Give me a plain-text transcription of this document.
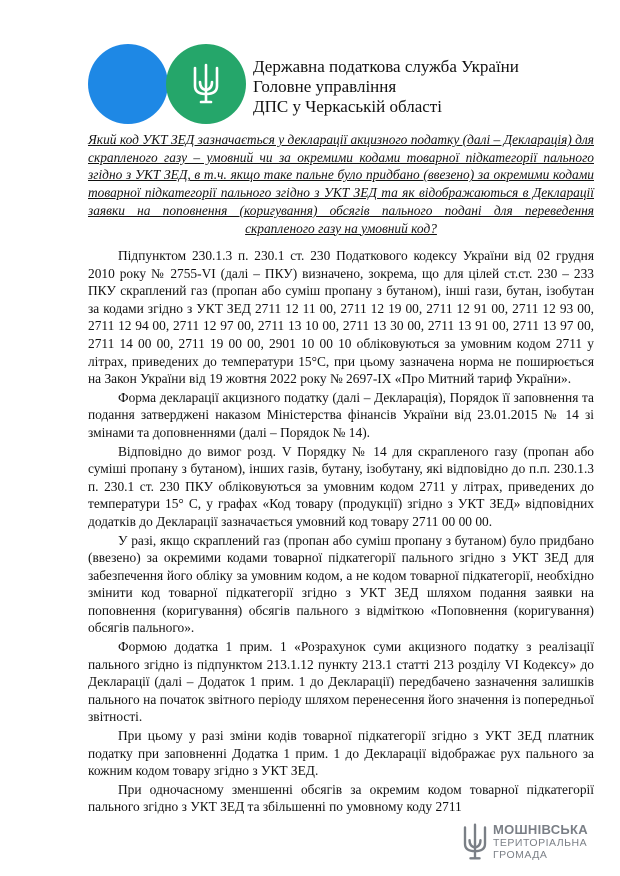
Державна податкова служба України
Головне управління
ДПС у Черкаській області
Який код УКТ ЗЕД зазначається у декларації акцизного податку (далі – Декларація) для скрапленого газу – умовний чи за окремими кодами товарної підкатегорії пального згідно з УКТ ЗЕД, в т.ч. якщо таке пальне було придбано (ввезено) за окремими кодами товарної підкатегорії пального згідно з УКТ ЗЕД та як відображаються в Декларації заявки на поповнення (коригування) обсягів пального подані для переведення скрапленого газу на умовний код?

Підпунктом 230.1.3 п. 230.1 ст. 230 Податкового кодексу України від 02 грудня 2010 року № 2755-VI (далі – ПКУ) визначено, зокрема, що для цілей ст.ст. 230 – 233 ПКУ скраплений газ (пропан або суміш пропану з бутаном), інші гази, бутан, ізобутан за кодами згідно з УКТ ЗЕД 2711 12 11 00, 2711 12 19 00, 2711 12 91 00, 2711 12 93 00, 2711 12 94 00, 2711 12 97 00, 2711 13 10 00, 2711 13 30 00, 2711 13 91 00, 2711 13 97 00, 2711 14 00 00, 2711 19 00 00, 2901 10 00 10 обліковуються за умовним кодом 2711 у літрах, приведених до температури 15°C, при цьому зазначена норма не поширюється на Закон України від 19 жовтня 2022 року № 2697-ІХ «Про Митний тариф України».

Форма декларації акцизного податку (далі – Декларація), Порядок її заповнення та подання затверджені наказом Міністерства фінансів України від 23.01.2015 № 14 зі змінами та доповненнями (далі – Порядок № 14).

Відповідно до вимог розд. V Порядку № 14 для скрапленого газу (пропан або суміші пропану з бутаном), інших газів, бутану, ізобутану, які відповідно до п.п. 230.1.3 п. 230.1 ст. 230 ПКУ обліковуються за умовним кодом 2711 у літрах, приведених до температури 15° С, у графах «Код товару (продукції) згідно з УКТ ЗЕД» відповідних додатків до Декларації зазначається умовний код товару 2711 00 00 00.

У разі, якщо скраплений газ (пропан або суміш пропану з бутаном) було придбано (ввезено) за окремими кодами товарної підкатегорії пального згідно з УКТ ЗЕД для забезпечення його обліку за умовним кодом, а не кодом товарної підкатегорії, необхідно змінити код товарної підкатегорії згідно з УКТ ЗЕД шляхом подання заявки на поповнення (коригування) обсягів пального з відміткою «Поповнення (коригування) обсягів пального».

Формою додатка 1 прим. 1 «Розрахунок суми акцизного податку з реалізації пального згідно із підпунктом 213.1.12 пункту 213.1 статті 213 розділу VІ Кодексу» до Декларації (далі – Додаток 1 прим. 1 до Декларації) передбачено зазначення залишків пального на початок звітного періоду шляхом перенесення його значення із попередньої звітності.

При цьому у разі зміни кодів товарної підкатегорії згідно з УКТ ЗЕД платник податку при заповненні Додатка 1 прим. 1 до Декларації відображає рух пального за кожним кодом товару згідно з УКТ ЗЕД.

При одночасному зменшенні обсягів за окремим кодом товарної підкатегорії пального згідно з УКТ ЗЕД та збільшенні по умовному коду 2711

МОШНІВСЬКА
ТЕРИТОРІАЛЬНА
ГРОМАДА
